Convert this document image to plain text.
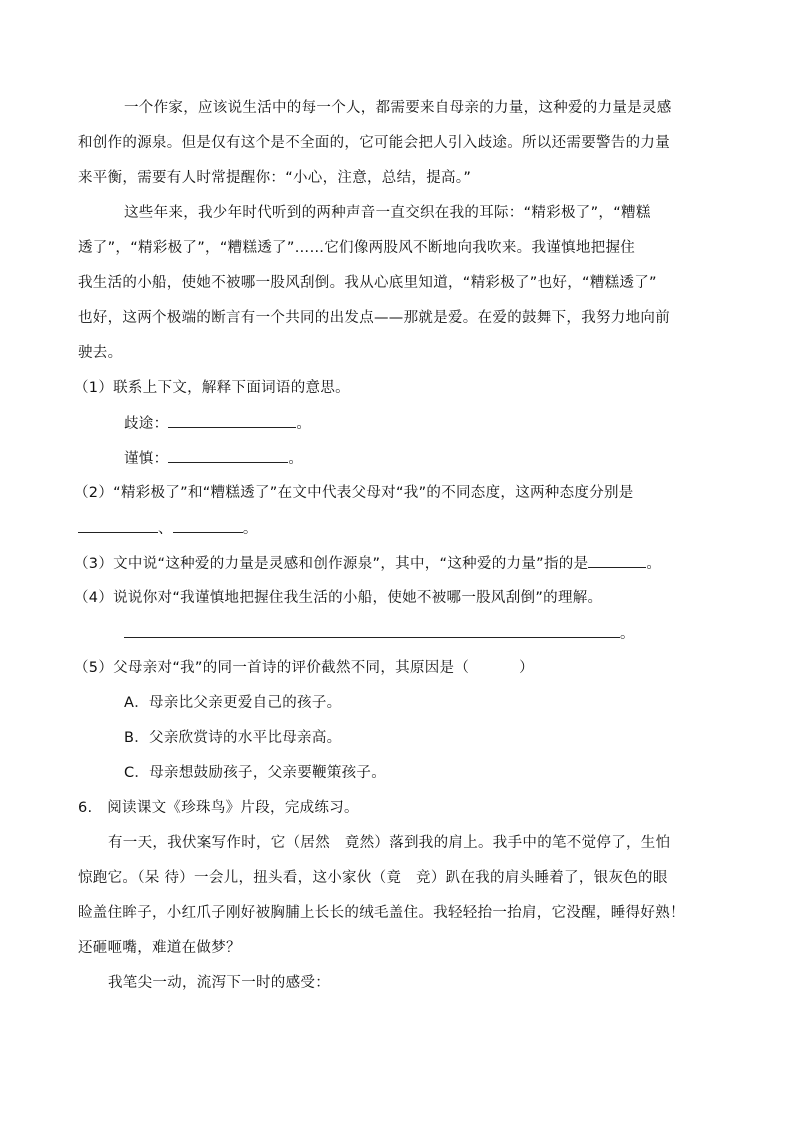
一个作家，应该说生活中的每一个人，都需要来自母亲的力量，这种爱的力量是灵感
和创作的源泉。但是仅有这个是不全面的，它可能会把人引入歧途。所以还需要警告的力量
来平衡，需要有人时常提醒你：“小心，注意，总结，提高。”
这些年来，我少年时代听到的两种声音一直交织在我的耳际：“精彩极了”，“糟糕
透了”，“精彩极了”，“糟糕透了”……它们像两股风不断地向我吹来。我谨慎地把握住
我生活的小船，使她不被哪一股风刮倒。我从心底里知道，“精彩极了”也好，“糟糕透了”
也好，这两个极端的断言有一个共同的出发点——那就是爱。在爱的鼓舞下，我努力地向前
驶去。
（1）联系上下文，解释下面词语的意思。
歧途：	。
谨慎：	。
（2）“精彩极了”和“糟糕透了”在文中代表父母对“我”的不同态度，这两种态度分别是
、	。
（3）文中说“这种爱的力量是灵感和创作源泉”，其中，“这种爱的力量”指的是	。
（4）说说你对“我谨慎地把握住我生活的小船，使她不被哪一股风刮倒”的理解。
。
（5）父母亲对“我”的同一首诗的评价截然不同，其原因是（	）
A．母亲比父亲更爱自己的孩子。
B．父亲欣赏诗的水平比母亲高。
C．母亲想鼓励孩子，父亲要鞭策孩子。
6.　阅读课文《珍珠鸟》片段，完成练习。
有一天，我伏案写作时，它（居然　竟然）落到我的肩上。我手中的笔不觉停了，生怕
惊跑它。（呆 待）一会儿，扭头看，这小家伙（竟　竞）趴在我的肩头睡着了，银灰色的眼
睑盖住眸子，小红爪子刚好被胸脯上长长的绒毛盖住。我轻轻抬一抬肩，它没醒，睡得好熟！
还砸咂嘴，难道在做梦？
我笔尖一动，流泻下一时的感受：
